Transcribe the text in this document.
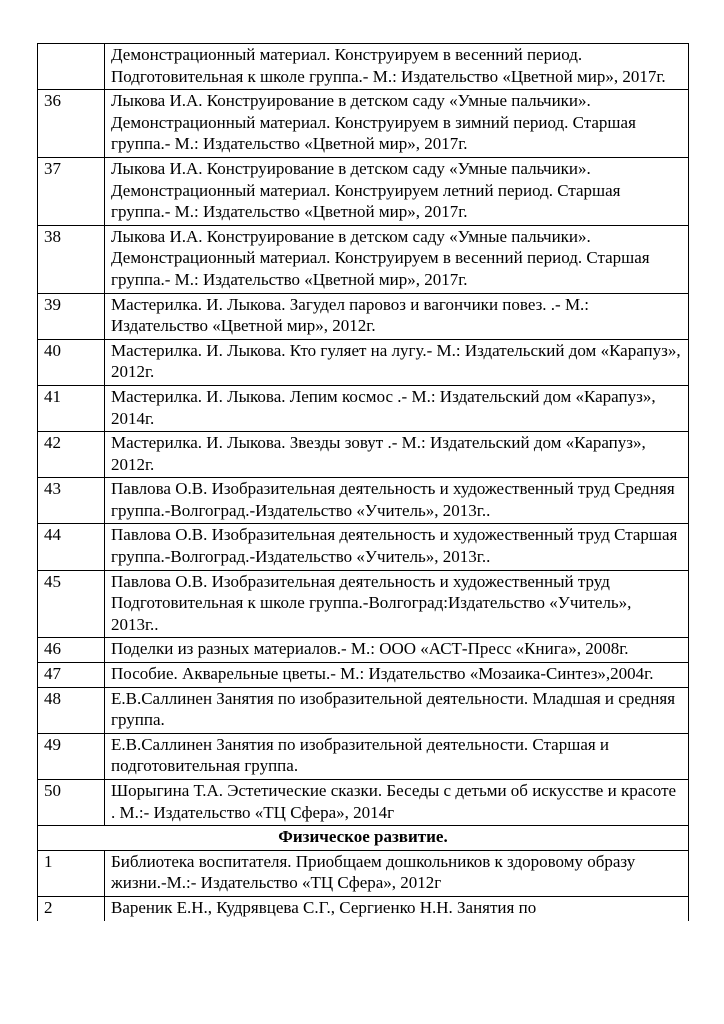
	Демонстрационный материал. Конструируем в весенний период. Подготовительная к школе группа.- М.: Издательство «Цветной мир», 2017г.
36	Лыкова И.А. Конструирование в детском саду «Умные пальчики». Демонстрационный материал. Конструируем в зимний период. Старшая группа.- М.: Издательство «Цветной мир», 2017г.
37	Лыкова И.А. Конструирование в детском саду «Умные пальчики». Демонстрационный материал. Конструируем летний период. Старшая группа.- М.: Издательство «Цветной мир», 2017г.
38	Лыкова И.А. Конструирование в детском саду «Умные пальчики». Демонстрационный материал. Конструируем в весенний период. Старшая группа.- М.: Издательство «Цветной мир», 2017г.
39	Мастерилка. И. Лыкова. Загудел паровоз и вагончики повез. .- М.: Издательство «Цветной мир», 2012г.
40	Мастерилка. И. Лыкова. Кто гуляет на лугу.- М.: Издательский дом «Карапуз», 2012г.
41	Мастерилка. И. Лыкова. Лепим космос .- М.: Издательский дом «Карапуз», 2014г.
42	Мастерилка. И. Лыкова. Звезды зовут .- М.: Издательский дом «Карапуз», 2012г.
43	Павлова О.В. Изобразительная деятельность и художественный труд Средняя группа.-Волгоград.-Издательство «Учитель», 2013г..
44	Павлова О.В. Изобразительная деятельность и художественный труд Старшая группа.-Волгоград.-Издательство «Учитель», 2013г..
45	Павлова О.В. Изобразительная деятельность и художественный труд Подготовительная к школе группа.-Волгоград:Издательство «Учитель», 2013г..
46	Поделки из разных материалов.- М.: ООО «АСТ-Пресс «Книга», 2008г.
47	Пособие. Акварельные цветы.- М.: Издательство «Мозаика-Синтез»,2004г.
48	Е.В.Саллинен Занятия по изобразительной деятельности. Младшая и средняя группа.
49	Е.В.Саллинен Занятия по изобразительной деятельности. Старшая и подготовительная группа.
50	Шорыгина Т.А. Эстетические сказки. Беседы с детьми об искусстве и красоте . М.:- Издательство «ТЦ Сфера», 2014г
Физическое развитие.	
1	Библиотека воспитателя. Приобщаем дошкольников к здоровому образу жизни.-М.:- Издательство «ТЦ Сфера», 2012г
2	Вареник Е.Н., Кудрявцева С.Г., Сергиенко Н.Н. Занятия по
